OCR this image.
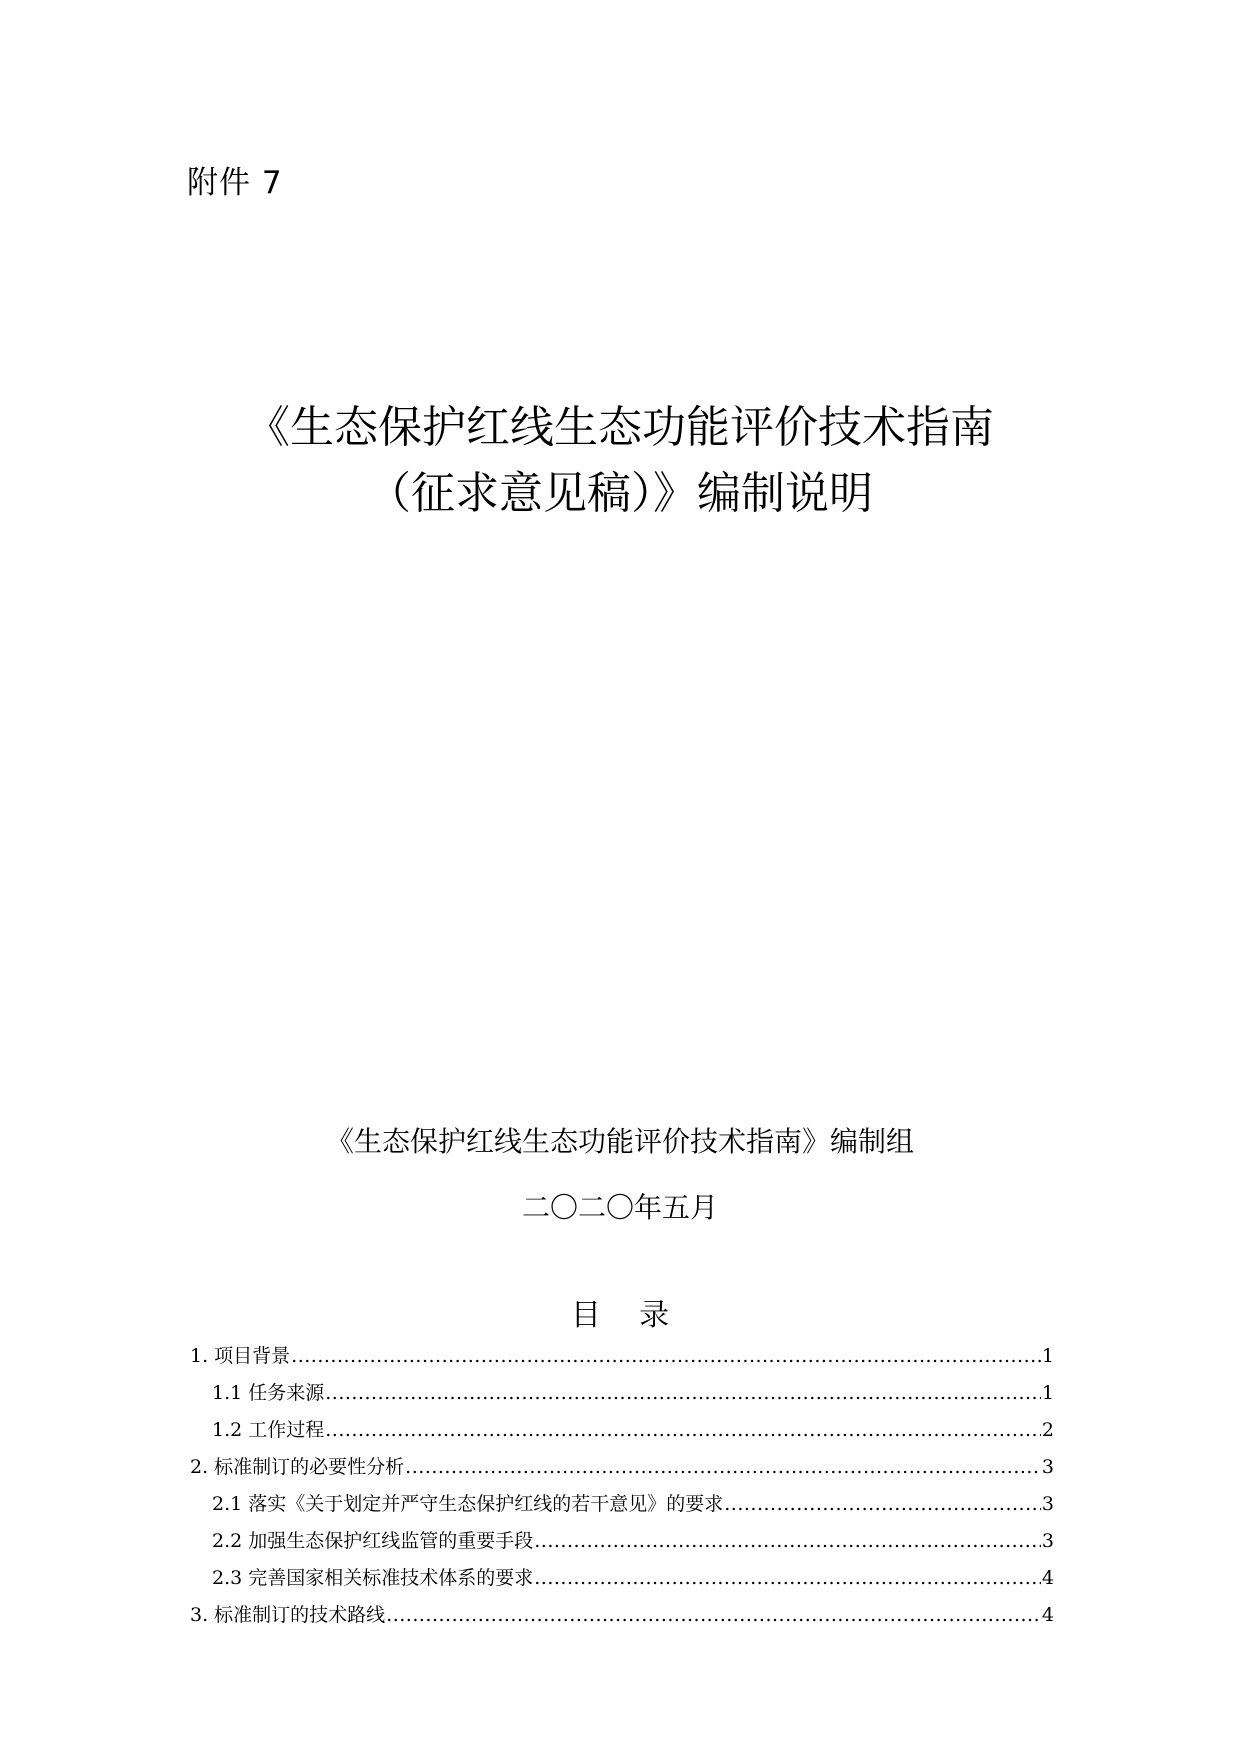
附件 7
《生态保护红线生态功能评价技术指南
（征求意见稿）》编制说明
《生态保护红线生态功能评价技术指南》编制组
二〇二〇年五月
目    录
1. 项目背景 .....	1
1.1 任务来源 .....	1
1.2 工作过程 .....	2
2. 标准制订的必要性分析 .....	3
2.1 落实《关于划定并严守生态保护红线的若干意见》的要求 .....	3
2.2 加强生态保护红线监管的重要手段 .....	3
2.3 完善国家相关标准技术体系的要求 .....	4
3. 标准制订的技术路线 .....	4
